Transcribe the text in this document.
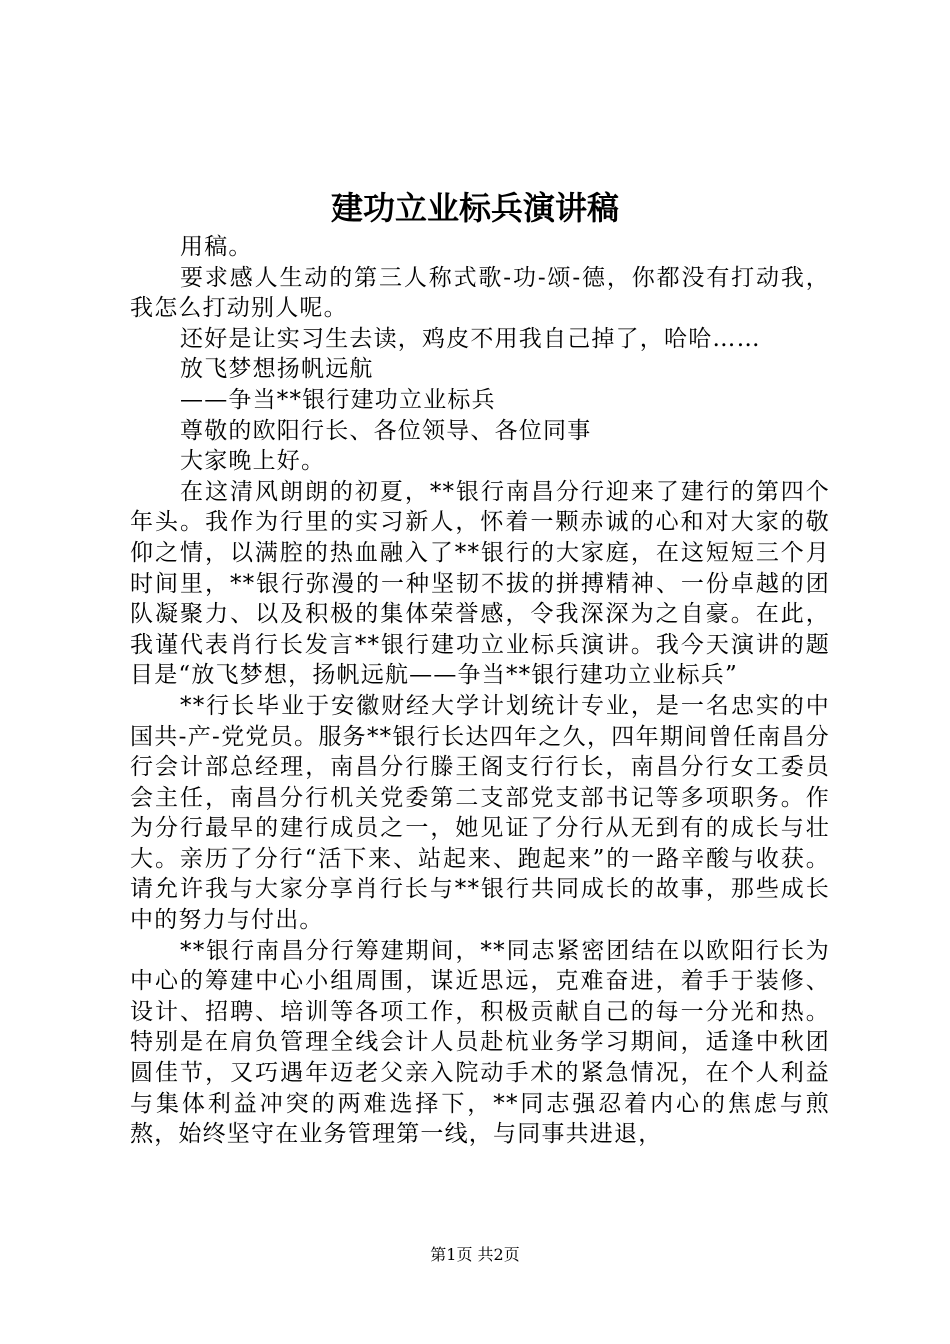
建功立业标兵演讲稿

用稿。

要求感人生动的第三人称式歌-功-颂-德，你都没有打动我，我怎么打动别人呢。

还好是让实习生去读，鸡皮不用我自己掉了，哈哈……

放飞梦想扬帆远航

——争当**银行建功立业标兵

尊敬的欧阳行长、各位领导、各位同事

大家晚上好。

在这清风朗朗的初夏，**银行南昌分行迎来了建行的第四个年头。我作为行里的实习新人，怀着一颗赤诚的心和对大家的敬仰之情，以满腔的热血融入了**银行的大家庭，在这短短三个月时间里，**银行弥漫的一种坚韧不拔的拼搏精神、一份卓越的团队凝聚力、以及积极的集体荣誉感，令我深深为之自豪。在此，我谨代表肖行长发言**银行建功立业标兵演讲。我今天演讲的题目是“放飞梦想，扬帆远航——争当**银行建功立业标兵”

**行长毕业于安徽财经大学计划统计专业，是一名忠实的中国共-产-党党员。服务**银行长达四年之久，四年期间曾任南昌分行会计部总经理，南昌分行滕王阁支行行长，南昌分行女工委员会主任，南昌分行机关党委第二支部党支部书记等多项职务。作为分行最早的建行成员之一，她见证了分行从无到有的成长与壮大。亲历了分行“活下来、站起来、跑起来”的一路辛酸与收获。请允许我与大家分享肖行长与**银行共同成长的故事，那些成长中的努力与付出。

**银行南昌分行筹建期间，**同志紧密团结在以欧阳行长为中心的筹建中心小组周围，谋近思远，克难奋进，着手于装修、设计、招聘、培训等各项工作，积极贡献自己的每一分光和热。特别是在肩负管理全线会计人员赴杭业务学习期间，适逢中秋团圆佳节，又巧遇年迈老父亲入院动手术的紧急情况，在个人利益与集体利益冲突的两难选择下，**同志强忍着内心的焦虑与煎熬，始终坚守在业务管理第一线，与同事共进退，

第1页 共2页
